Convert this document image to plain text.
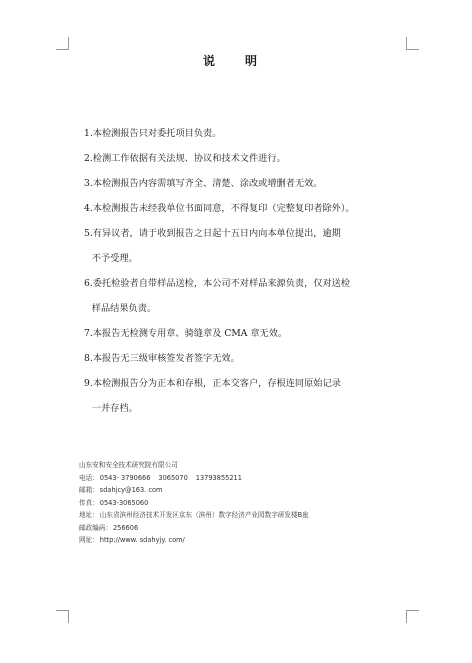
说明
1. 本检测报告只对委托项目负责。
2. 检测工作依据有关法规、协议和技术文件进行。
3. 本检测报告内容需填写齐全、清楚、涂改或增删者无效。
4. 本检测报告未经我单位书面同意，不得复印（完整复印者除外）。
5. 有异议者，请于收到报告之日起十五日内向本单位提出，逾期
不予受理。
6. 委托检验者自带样品送检，本公司不对样品来源负责，仅对送检
样品结果负责。
7. 本报告无检测专用章、骑缝章及 CMA 章无效。
8. 本报告无三级审核签发者签字无效。
9. 本检测报告分为正本和存根，正本交客户，存根连同原始记录
一并存档。
山东安和安全技术研究院有限公司
电话：0543- 3790666 3065070 13793855211
邮箱：sdahjcy@163. com
传真：0543-3065060
地址：山东省滨州经济技术开发区京东（滨州）数字经济产业园数字研发楼B座
邮政编码：256606
网址：http://www. sdahyjy. com/
